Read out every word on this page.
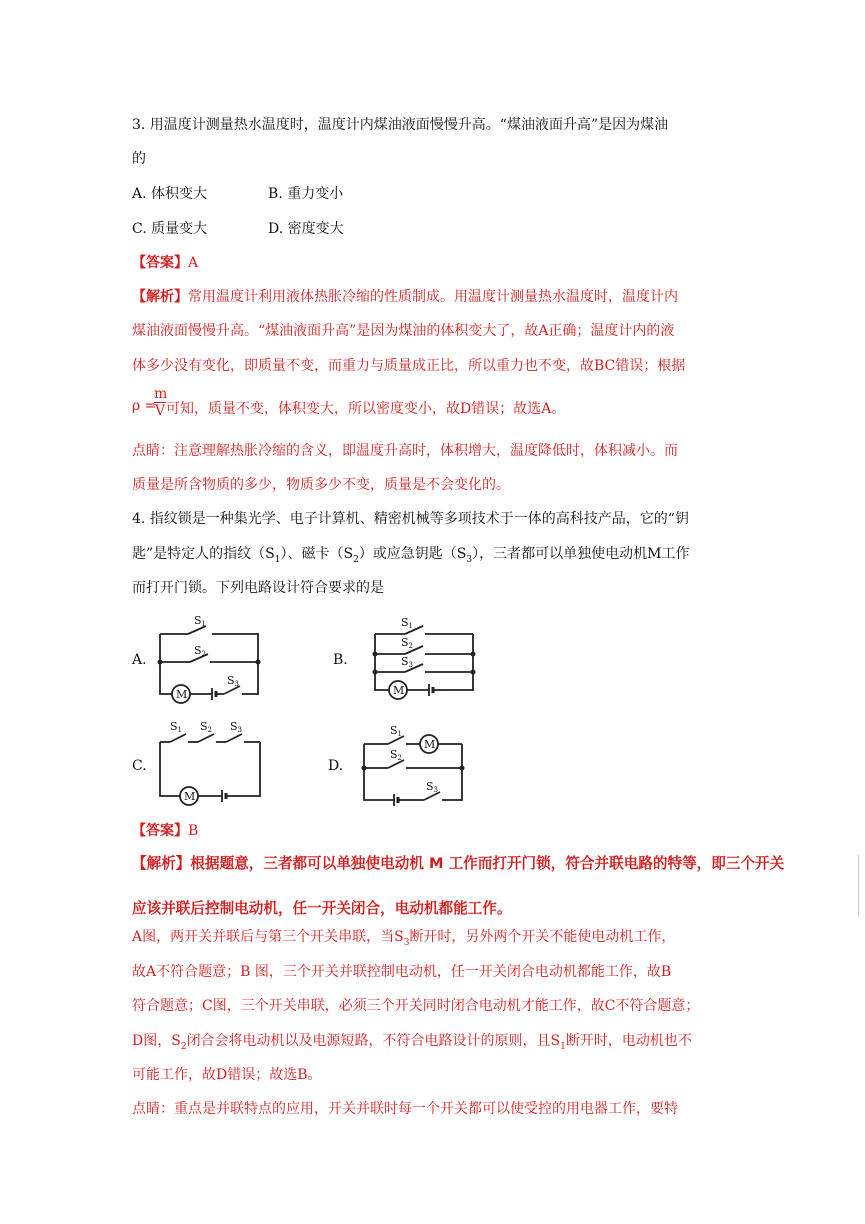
3. 用温度计测量热水温度时，温度计内煤油液面慢慢升高。“煤油液面升高”是因为煤油
的
A. 体积变大	B. 重力变小
C. 质量变大	D. 密度变大
【答案】A
【解析】常用温度计利用液体热胀冷缩的性质制成。用温度计测量热水温度时，温度计内
煤油液面慢慢升高。“煤油液面升高”是因为煤油的体积变大了，故A正确；温度计内的液
体多少没有变化，即质量不变，而重力与质量成正比，所以重力也不变，故BC错误；根据
ρ =
m
V 可知，质量不变，体积变大，所以密度变小，故D错误；故选A。
点睛：注意理解热胀冷缩的含义，即温度升高时，体积增大，温度降低时，体积减小。而
质量是所含物质的多少，物质多少不变，质量是不会变化的。
4. 指纹锁是一种集光学、电子计算机、精密机械等多项技术于一体的高科技产品，它的“钥
匙”是特定人的指纹$(S_1)$、磁卡$(S_2)$或应急钥匙$(S_3)$，三者都可以单独使电动机M工作
而打开门锁。下列电路设计符合要求的是
A.	B.
C.	D.
S1
S2
S3
M
S1
S2
S3
M
S1 S2 S3
M
S1
S2
S3
M
【答案】B
【解析】根据题意，三者都可以单独使电动机 M 工作而打开门锁，符合并联电路的特等，即三个开关
应该并联后控制电动机，任一开关闭合，电动机都能工作。
A图，两开关并联后与第三个开关串联，当$S_3$断开时，另外两个开关不能使电动机工作，
故A不符合题意；B 图，三个开关并联控制电动机，任一开关闭合电动机都能工作，故B
符合题意；C图，三个开关串联，必须三个开关同时闭合电动机才能工作，故C不符合题意；
D图，$S_2$闭合会将电动机以及电源短路，不符合电路设计的原则，且$S_1$断开时，电动机也不
可能工作，故D错误；故选B。
点睛：重点是并联特点的应用，开关并联时每一个开关都可以使受控的用电器工作，要特
